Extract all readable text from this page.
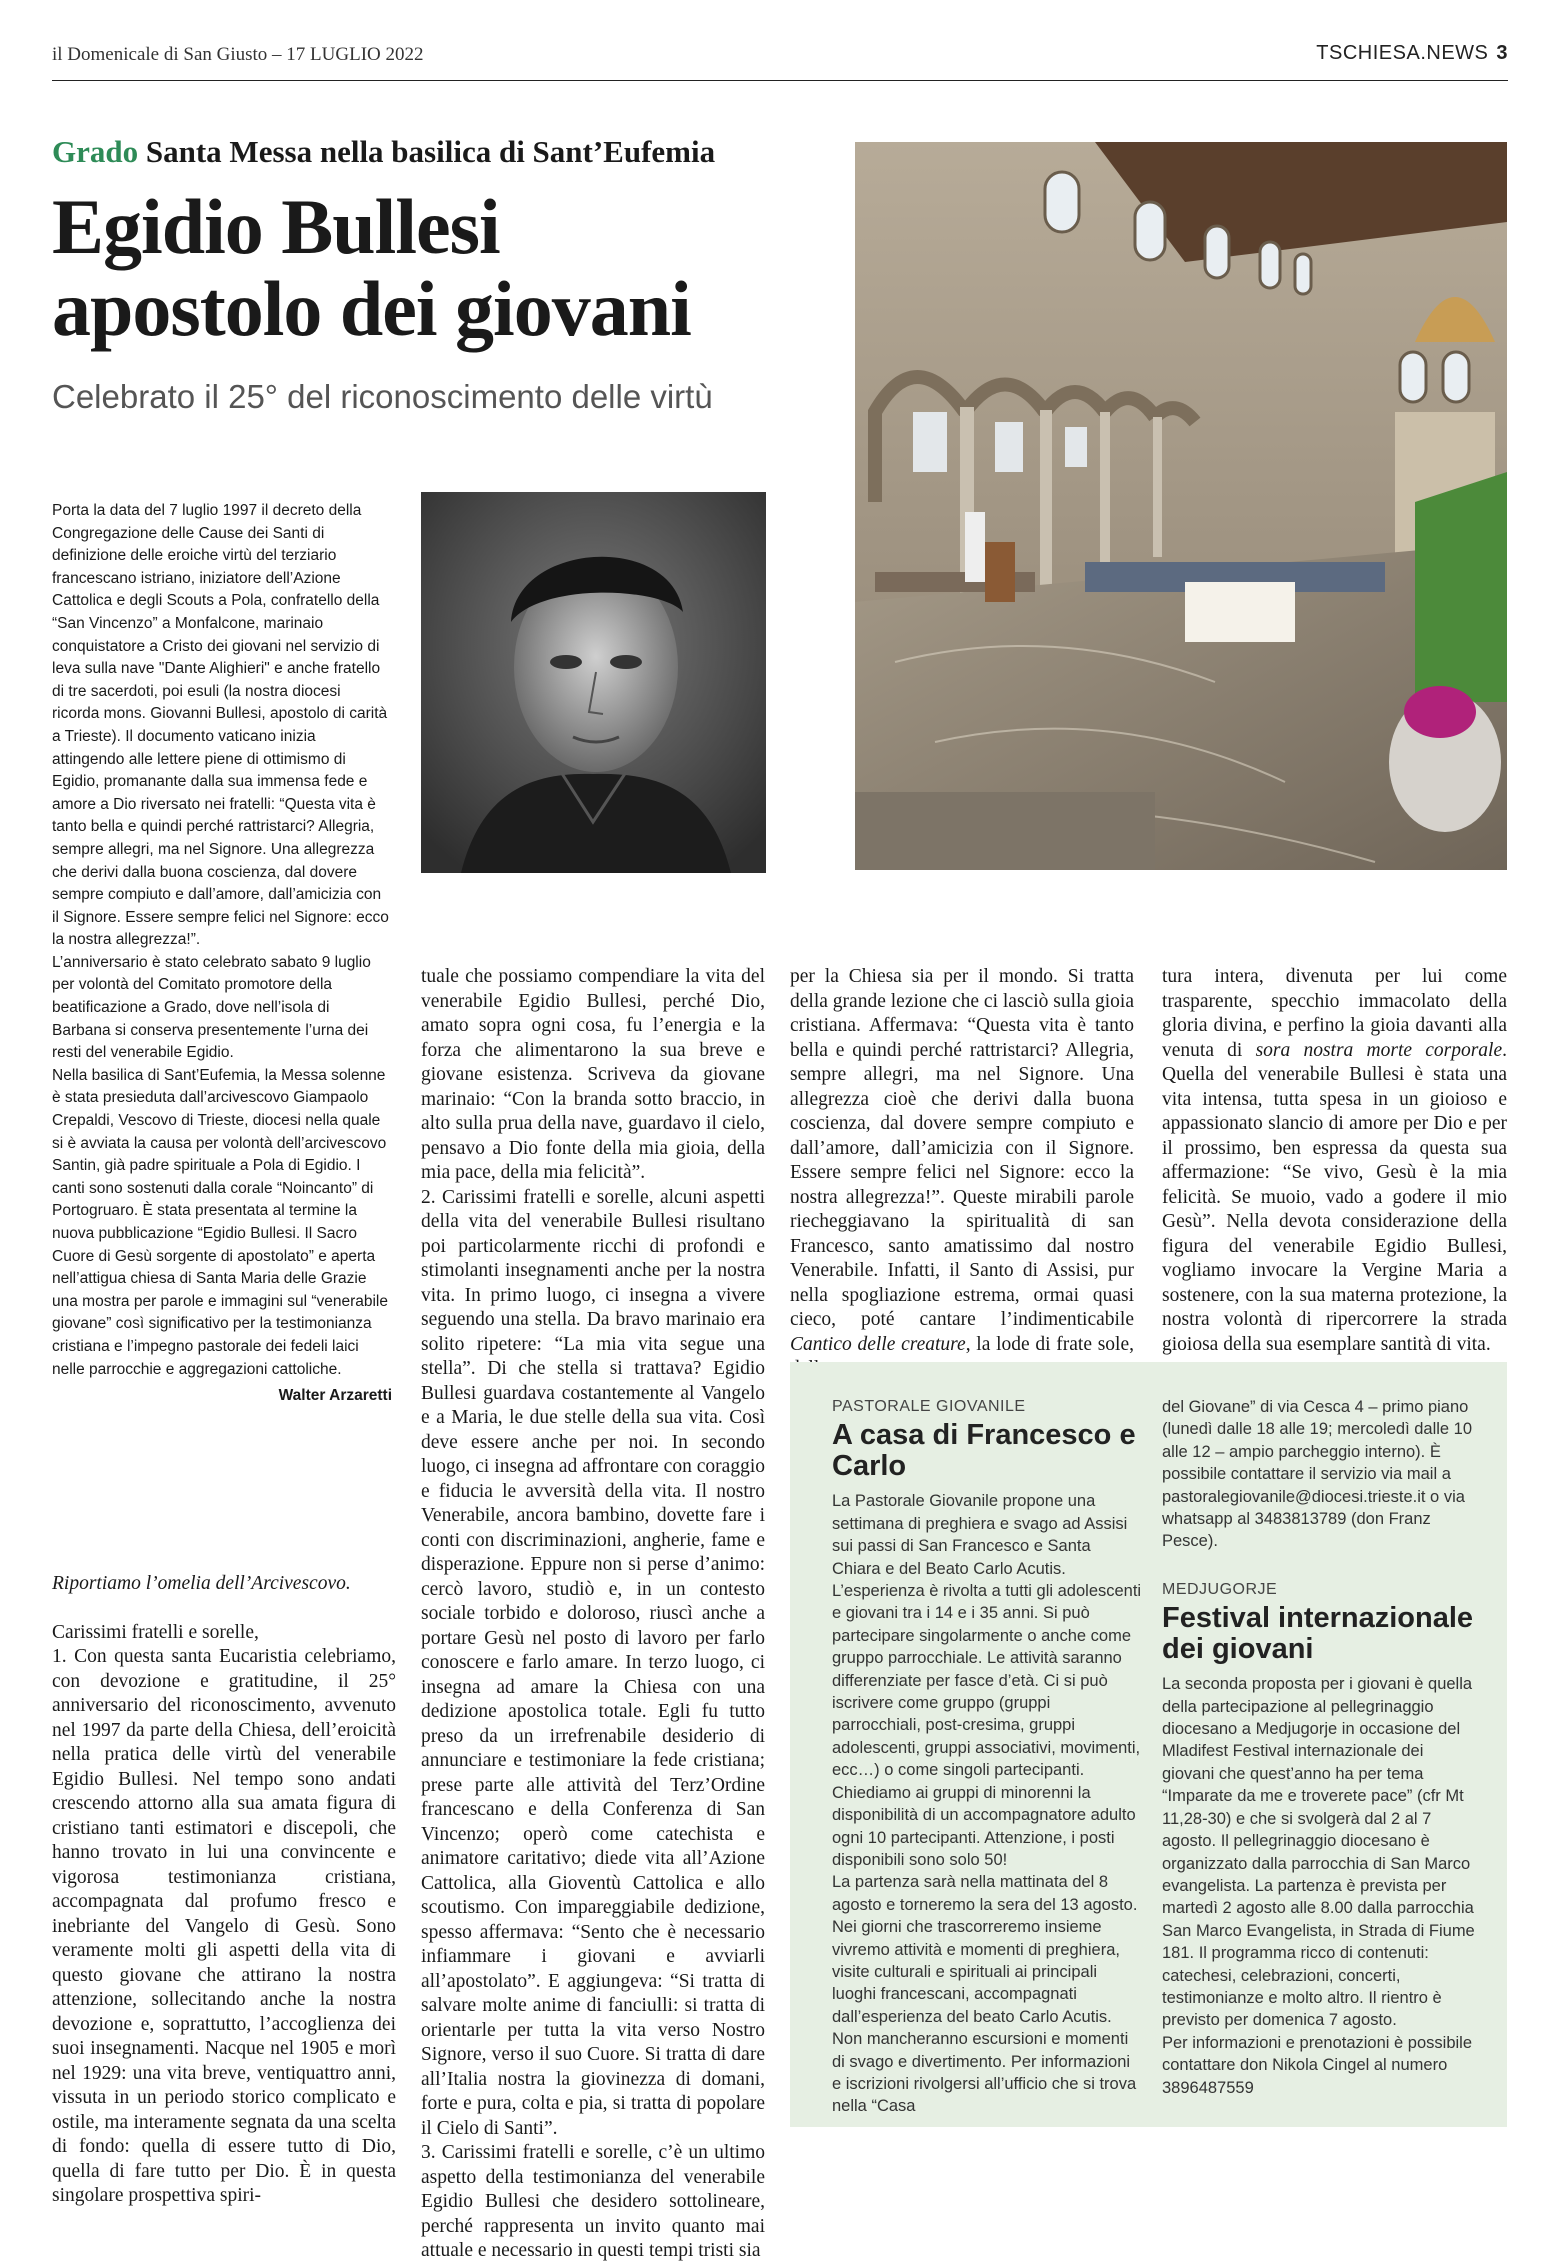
il Domenicale di San Giusto – 17 LUGLIO 2022	TSCHIESA.NEWS 3
Grado Santa Messa nella basilica di Sant’Eufemia
Egidio Bullesi
apostolo dei giovani
Celebrato il 25° del riconoscimento delle virtù

Porta la data del 7 luglio 1997 il decreto della Congregazione delle Cause dei Santi di definizione delle eroiche virtù del terziario francescano istriano, iniziatore dell’Azione Cattolica e degli Scouts a Pola, confratello della “San Vincenzo” a Monfalcone, marinaio conquistatore a Cristo dei giovani nel servizio di leva sulla nave "Dante Alighieri" e anche fratello di tre sacerdoti, poi esuli (la nostra diocesi ricorda mons. Giovanni Bullesi, apostolo di carità a Trieste). Il documento vaticano inizia attingendo alle lettere piene di ottimismo di Egidio, promanante dalla sua immensa fede e amore a Dio riversato nei fratelli: “Questa vita è tanto bella e quindi perché rattristarci? Allegria, sempre allegri, ma nel Signore. Una allegrezza che derivi dalla buona coscienza, dal dovere sempre compiuto e dall’amore, dall’amicizia con il Signore. Essere sempre felici nel Signore: ecco la nostra allegrezza!”.

L’anniversario è stato celebrato sabato 9 luglio per volontà del Comitato promotore della beatificazione a Grado, dove nell’isola di Barbana si conserva presentemente l’urna dei resti del venerabile Egidio.

Nella basilica di Sant’Eufemia, la Messa solenne è stata presieduta dall’arcivescovo Giampaolo Crepaldi, Vescovo di Trieste, diocesi nella quale si è avviata la causa per volontà dell’arcivescovo Santin, già padre spirituale a Pola di Egidio. I canti sono sostenuti dalla corale “Noincanto” di Portogruaro. È stata presentata al termine la nuova pubblicazione “Egidio Bullesi. Il Sacro Cuore di Gesù sorgente di apostolato” e aperta nell’attigua chiesa di Santa Maria delle Grazie una mostra per parole e immagini sul “venerabile giovane” così significativo per la testimonianza cristiana e l’impegno pastorale dei fedeli laici nelle parrocchie e aggregazioni cattoliche.

Walter Arzaretti

Riportiamo l’omelia dell’Arcivescovo.

Carissimi fratelli e sorelle,

1. Con questa santa Eucaristia celebriamo, con devozione e gratitudine, il 25° anniversario del riconoscimento, avvenuto nel 1997 da parte della Chiesa, dell’eroicità nella pratica delle virtù del venerabile Egidio Bullesi. Nel tempo sono andati crescendo attorno alla sua amata figura di cristiano tanti estimatori e discepoli, che hanno trovato in lui una convincente e vigorosa testimonianza cristiana, accompagnata dal profumo fresco e inebriante del Vangelo di Gesù. Sono veramente molti gli aspetti della vita di questo giovane che attirano la nostra attenzione, sollecitando anche la nostra devozione e, soprattutto, l’accoglienza dei suoi insegnamenti. Nacque nel 1905 e morì nel 1929: una vita breve, ventiquattro anni, vissuta in un periodo storico complicato e ostile, ma interamente segnata da una scelta di fondo: quella di essere tutto di Dio, quella di fare tutto per Dio. È in questa singolare prospettiva spiri-

tuale che possiamo compendiare la vita del venerabile Egidio Bullesi, perché Dio, amato sopra ogni cosa, fu l’energia e la forza che alimentarono la sua breve e giovane esistenza. Scriveva da giovane marinaio: “Con la branda sotto braccio, in alto sulla prua della nave, guardavo il cielo, pensavo a Dio fonte della mia gioia, della mia pace, della mia felicità”.

2. Carissimi fratelli e sorelle, alcuni aspetti della vita del venerabile Bullesi risultano poi particolarmente ricchi di profondi e stimolanti insegnamenti anche per la nostra vita. In primo luogo, ci insegna a vivere seguendo una stella. Da bravo marinaio era solito ripetere: “La mia vita segue una stella”. Di che stella si trattava? Egidio Bullesi guardava costantemente al Vangelo e a Maria, le due stelle della sua vita. Così deve essere anche per noi. In secondo luogo, ci insegna ad affrontare con coraggio e fiducia le avversità della vita. Il nostro Venerabile, ancora bambino, dovette fare i conti con discriminazioni, angherie, fame e disperazione. Eppure non si perse d’animo: cercò lavoro, studiò e, in un contesto sociale torbido e doloroso, riuscì anche a portare Gesù nel posto di lavoro per farlo conoscere e farlo amare. In terzo luogo, ci insegna ad amare la Chiesa con una dedizione apostolica totale. Egli fu tutto preso da un irrefrenabile desiderio di annunciare e testimoniare la fede cristiana; prese parte alle attività del Terz’Ordine francescano e della Conferenza di San Vincenzo; operò come catechista e animatore caritativo; diede vita all’Azione Cattolica, alla Gioventù Cattolica e allo scoutismo. Con impareggiabile dedizione, spesso affermava: “Sento che è necessario infiammare i giovani e avviarli all’apostolato”. E aggiungeva: “Si tratta di salvare molte anime di fanciulli: si tratta di orientarle per tutta la vita verso Nostro Signore, verso il suo Cuore. Si tratta di dare all’Italia nostra la giovinezza di domani, forte e pura, colta e pia, si tratta di popolare il Cielo di Santi”.

3. Carissimi fratelli e sorelle, c’è un ultimo aspetto della testimonianza del venerabile Egidio Bullesi che desidero sottolineare, perché rappresenta un invito quanto mai attuale e necessario in questi tempi tristi sia

per la Chiesa sia per il mondo. Si tratta della grande lezione che ci lasciò sulla gioia cristiana. Affermava: “Questa vita è tanto bella e quindi perché rattristarci? Allegria, sempre allegri, ma nel Signore. Una allegrezza cioè che derivi dalla buona coscienza, dal dovere sempre compiuto e dall’amore, dall’amicizia con il Signore. Essere sempre felici nel Signore: ecco la nostra allegrezza!”. Queste mirabili parole riecheggiavano la spiritualità di san Francesco, santo amatissimo dal nostro Venerabile. Infatti, il Santo di Assisi, pur nella spogliazione estrema, ormai quasi cieco, poté cantare l’indimenticabile Cantico delle creature, la lode di frate sole,

tura intera, divenuta per lui come trasparente, specchio immacolato della gloria divina, e perfino la gioia davanti alla venuta di sora nostra morte corporale. Quella del venerabile Bullesi è stata una vita intensa, tutta spesa in un gioioso e appassionato slancio di amore per Dio e per il prossimo, ben espressa da questa sua affermazione: “Se vivo, Gesù è la mia felicità. Se muoio, vado a godere il mio Gesù”. Nella devota considerazione della figura del venerabile Egidio Bullesi, vogliamo invocare la Vergine Maria a sostenere, con la sua materna protezione, la nostra volontà di ripercorrere la strada gioiosa della sua esemplare santità di vita.

PASTORALE GIOVANILE
A casa di Francesco e Carlo

La Pastorale Giovanile propone una settimana di preghiera e svago ad Assisi sui passi di San Francesco e Santa Chiara e del Beato Carlo Acutis. L’esperienza è rivolta a tutti gli adolescenti e giovani tra i 14 e i 35 anni. Si può partecipare singolarmente o anche come gruppo parrocchiale. Le attività saranno differenziate per fasce d’età. Ci si può iscrivere come gruppo (gruppi parrocchiali, post-cresima, gruppi adolescenti, gruppi associativi, movimenti, ecc…) o come singoli partecipanti. Chiediamo ai gruppi di minorenni la disponibilità di un accompagnatore adulto ogni 10 partecipanti. Attenzione, i posti disponibili sono solo 50!

La partenza sarà nella mattinata del 8 agosto e torneremo la sera del 13 agosto. Nei giorni che trascorreremo insieme vivremo attività e momenti di preghiera, visite culturali e spirituali ai principali luoghi francescani, accompagnati dall’esperienza del beato Carlo Acutis. Non mancheranno escursioni e momenti di svago e divertimento. Per informazioni e iscrizioni rivolgersi all’ufficio che si trova nella “Casa

del Giovane” di via Cesca 4 – primo piano (lunedì dalle 18 alle 19; mercoledì dalle 10 alle 12 – ampio parcheggio interno). È possibile contattare il servizio via mail a pastoralegiovanile@diocesi.trieste.it o via whatsapp al 3483813789 (don Franz Pesce).

MEDJUGORJE
Festival internazionale dei giovani

La seconda proposta per i giovani è quella della partecipazione al pellegrinaggio diocesano a Medjugorje in occasione del Mladifest Festival internazionale dei giovani che quest’anno ha per tema “Imparate da me e troverete pace” (cfr Mt 11,28-30) e che si svolgerà dal 2 al 7 agosto. Il pellegrinaggio diocesano è organizzato dalla parrocchia di San Marco evangelista. La partenza è prevista per martedì 2 agosto alle 8.00 dalla parrocchia San Marco Evangelista, in Strada di Fiume 181. Il programma ricco di contenuti: catechesi, celebrazioni, concerti, testimonianze e molto altro. Il rientro è previsto per domenica 7 agosto.

Per informazioni e prenotazioni è possibile contattare don Nikola Cingel al numero 3896487559
